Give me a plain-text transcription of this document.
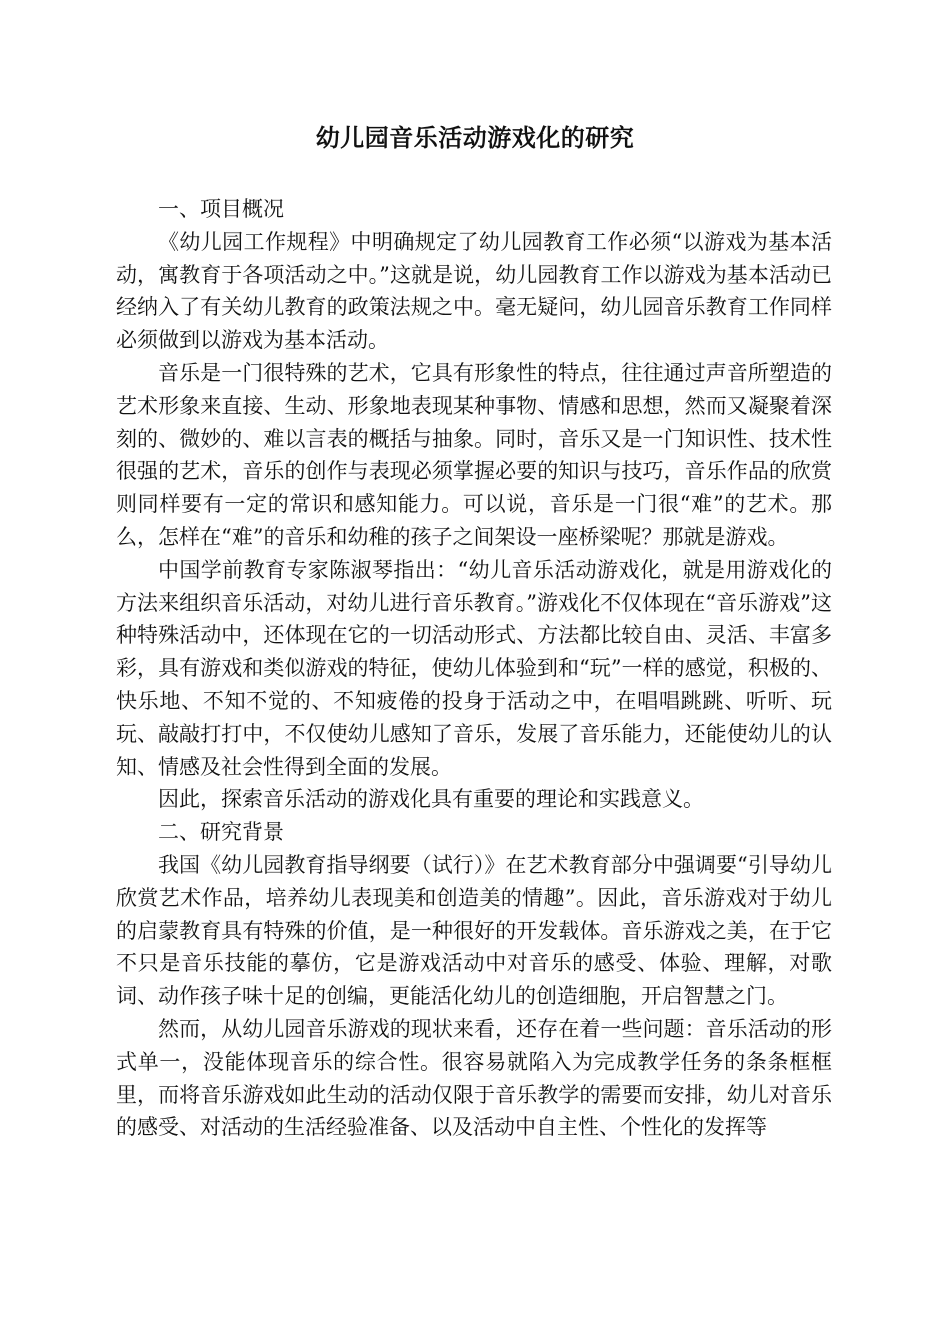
幼儿园音乐活动游戏化的研究

一、项目概况

《幼儿园工作规程》中明确规定了幼儿园教育工作必须“以游戏为基本活动，寓教育于各项活动之中。”这就是说，幼儿园教育工作以游戏为基本活动已经纳入了有关幼儿教育的政策法规之中。毫无疑问，幼儿园音乐教育工作同样必须做到以游戏为基本活动。

音乐是一门很特殊的艺术，它具有形象性的特点，往往通过声音所塑造的艺术形象来直接、生动、形象地表现某种事物、情感和思想，然而又凝聚着深刻的、微妙的、难以言表的概括与抽象。同时，音乐又是一门知识性、技术性很强的艺术，音乐的创作与表现必须掌握必要的知识与技巧，音乐作品的欣赏则同样要有一定的常识和感知能力。可以说，音乐是一门很“难”的艺术。那么，怎样在“难”的音乐和幼稚的孩子之间架设一座桥梁呢？那就是游戏。

中国学前教育专家陈淑琴指出：“幼儿音乐活动游戏化，就是用游戏化的方法来组织音乐活动，对幼儿进行音乐教育。”游戏化不仅体现在“音乐游戏”这种特殊活动中，还体现在它的一切活动形式、方法都比较自由、灵活、丰富多彩，具有游戏和类似游戏的特征，使幼儿体验到和“玩”一样的感觉，积极的、快乐地、不知不觉的、不知疲倦的投身于活动之中，在唱唱跳跳、听听、玩玩、敲敲打打中，不仅使幼儿感知了音乐，发展了音乐能力，还能使幼儿的认知、情感及社会性得到全面的发展。

因此，探索音乐活动的游戏化具有重要的理论和实践意义。

二、研究背景

我国《幼儿园教育指导纲要（试行）》在艺术教育部分中强调要“引导幼儿欣赏艺术作品，培养幼儿表现美和创造美的情趣”。因此，音乐游戏对于幼儿的启蒙教育具有特殊的价值，是一种很好的开发载体。音乐游戏之美，在于它不只是音乐技能的摹仿，它是游戏活动中对音乐的感受、体验、理解，对歌词、动作孩子味十足的创编，更能活化幼儿的创造细胞，开启智慧之门。

然而，从幼儿园音乐游戏的现状来看，还存在着一些问题：音乐活动的形式单一，没能体现音乐的综合性。很容易就陷入为完成教学任务的条条框框里，而将音乐游戏如此生动的活动仅限于音乐教学的需要而安排，幼儿对音乐的感受、对活动的生活经验准备、以及活动中自主性、个性化的发挥等
